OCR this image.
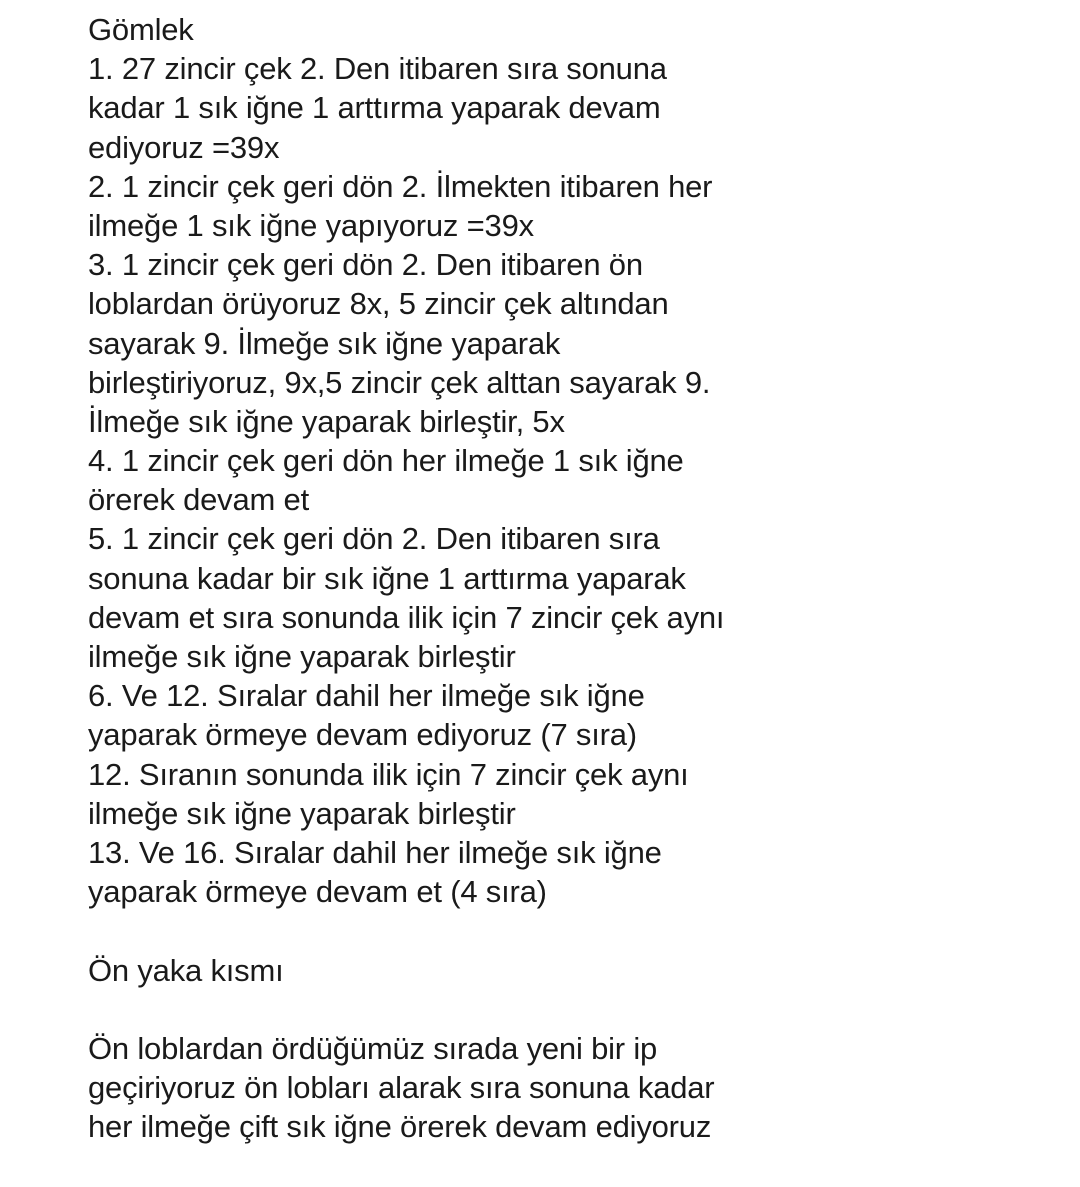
Gömlek
1. 27 zincir çek 2. Den itibaren sıra sonuna
kadar 1 sık iğne 1 arttırma yaparak devam
ediyoruz =39x
2. 1 zincir çek geri dön 2. İlmekten itibaren her
ilmeğe 1 sık iğne yapıyoruz =39x
3. 1 zincir çek geri dön 2. Den itibaren ön
loblardan örüyoruz 8x, 5 zincir çek altından
sayarak 9. İlmeğe sık iğne yaparak
birleştiriyoruz, 9x,5 zincir çek alttan sayarak 9.
İlmeğe sık iğne yaparak birleştir, 5x
4. 1 zincir çek geri dön her ilmeğe 1 sık iğne
örerek devam et
5. 1 zincir çek geri dön 2. Den itibaren sıra
sonuna kadar bir sık iğne 1 arttırma yaparak
devam et sıra sonunda ilik için 7 zincir çek aynı
ilmeğe sık iğne yaparak birleştir
6. Ve 12. Sıralar dahil her ilmeğe sık iğne
yaparak örmeye devam ediyoruz (7 sıra)
12. Sıranın sonunda ilik için 7 zincir çek aynı
ilmeğe sık iğne yaparak birleştir
13. Ve 16. Sıralar dahil her ilmeğe sık iğne
yaparak örmeye devam et (4 sıra)
Ön yaka kısmı
Ön loblardan ördüğümüz sırada yeni bir ip
geçiriyoruz ön lobları alarak sıra sonuna kadar
her ilmeğe çift sık iğne örerek devam ediyoruz
